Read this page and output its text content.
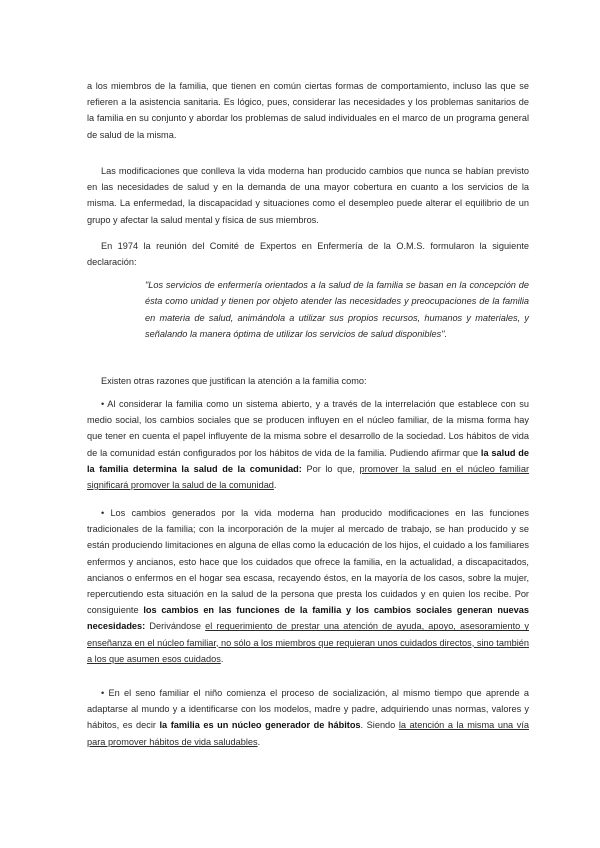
a los miembros de la familia, que tienen en común ciertas formas de comportamiento, incluso las que se refieren a la asistencia sanitaria. Es lógico, pues, considerar las necesidades y los problemas sanitarios de la familia en su conjunto y abordar los problemas de salud individuales en el marco de un programa general de salud de la misma.

Las modificaciones que conlleva la vida moderna han producido cambios que nunca se habían previsto en las necesidades de salud y en la demanda de una mayor cobertura en cuanto a los servicios de la misma. La enfermedad, la discapacidad y situaciones como el desempleo puede alterar el equilibrio de un grupo y afectar la salud mental y física de sus miembros.

En 1974 la reunión del Comité de Expertos en Enfermería de la O.M.S. formularon la siguiente declaración:

"Los servicios de enfermería orientados a la salud de la familia se basan en la concepción de ésta como unidad y tienen por objeto atender las necesidades y preocupaciones de la familia en materia de salud, animándola a utilizar sus propios recursos, humanos y materiales, y señalando la manera óptima de utilizar los servicios de salud disponibles".

Existen otras razones que justifican la atención a la familia como:

• Al considerar la familia como un sistema abierto, y a través de la interrelación que establece con su medio social, los cambios sociales que se producen influyen en el núcleo familiar, de la misma forma hay que tener en cuenta el papel influyente de la misma sobre el desarrollo de la sociedad. Los hábitos de vida de la comunidad están configurados por los hábitos de vida de la familia. Pudiendo afirmar que la salud de la familia determina la salud de la comunidad: Por lo que, promover la salud en el núcleo familiar significará promover la salud de la comunidad.

• Los cambios generados por la vida moderna han producido modificaciones en las funciones tradicionales de la familia; con la incorporación de la mujer al mercado de trabajo, se han producido y se están produciendo limitaciones en alguna de ellas como la educación de los hijos, el cuidado a los familiares enfermos y ancianos, esto hace que los cuidados que ofrece la familia, en la actualidad, a discapacitados, ancianos o enfermos en el hogar sea escasa, recayendo éstos, en la mayoría de los casos, sobre la mujer, repercutiendo esta situación en la salud de la persona que presta los cuidados y en quien los recibe. Por consiguiente los cambios en las funciones de la familia y los cambios sociales generan nuevas necesidades: Derivándose el requerimiento de prestar una atención de ayuda, apoyo, asesoramiento y enseñanza en el núcleo familiar, no sólo a los miembros que requieran unos cuidados directos, sino también a los que asumen esos cuidados.

• En el seno familiar el niño comienza el proceso de socialización, al mismo tiempo que aprende a adaptarse al mundo y a identificarse con los modelos, madre y padre, adquiriendo unas normas, valores y hábitos, es decir la familia es un núcleo generador de hábitos. Siendo la atención a la misma una vía para promover hábitos de vida saludables.
